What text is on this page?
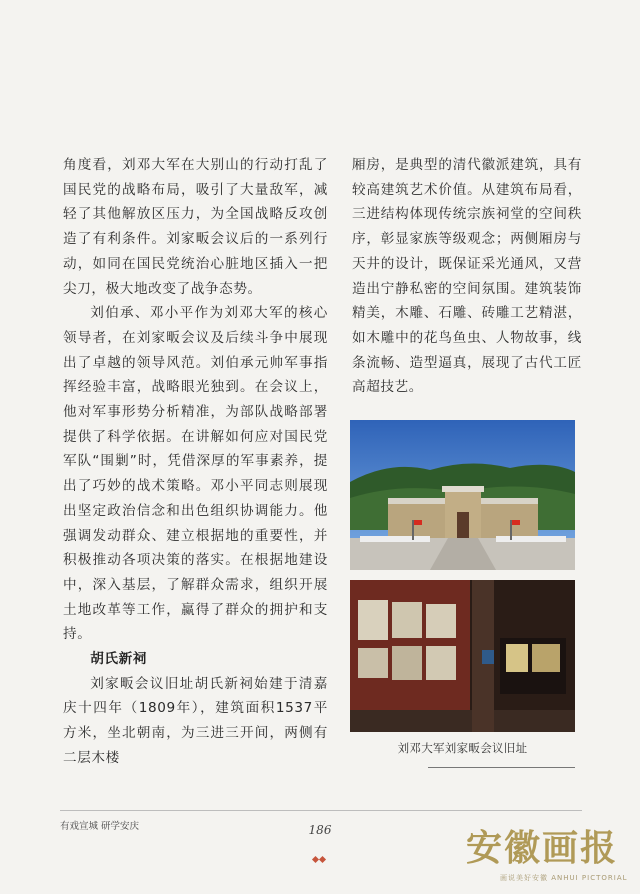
角度看，刘邓大军在大别山的行动打乱了国民党的战略布局，吸引了大量敌军，减轻了其他解放区压力，为全国战略反攻创造了有利条件。刘家畈会议后的一系列行动，如同在国民党统治心脏地区插入一把尖刀，极大地改变了战争态势。

刘伯承、邓小平作为刘邓大军的核心领导者，在刘家畈会议及后续斗争中展现出了卓越的领导风范。刘伯承元帅军事指挥经验丰富，战略眼光独到。在会议上，他对军事形势分析精准，为部队战略部署提供了科学依据。在讲解如何应对国民党军队“围剿”时，凭借深厚的军事素养，提出了巧妙的战术策略。邓小平同志则展现出坚定政治信念和出色组织协调能力。他强调发动群众、建立根据地的重要性，并积极推动各项决策的落实。在根据地建设中，深入基层，了解群众需求，组织开展土地改革等工作，赢得了群众的拥护和支持。

胡氏新祠

刘家畈会议旧址胡氏新祠始建于清嘉庆十四年（1809年），建筑面积1537平方米，坐北朝南，为三进三开间，两侧有二层木楼

厢房，是典型的清代徽派建筑，具有较高建筑艺术价值。从建筑布局看，三进结构体现传统宗族祠堂的空间秩序，彰显家族等级观念；两侧厢房与天井的设计，既保证采光通风，又营造出宁静私密的空间氛围。建筑装饰精美，木雕、石雕、砖雕工艺精湛，如木雕中的花鸟鱼虫、人物故事，线条流畅、造型逼真，展现了古代工匠高超技艺。

刘邓大军刘家畈会议旧址
有戏宣城 研学安庆	186	安徽画报
画说美好安徽 ANHUI PICTORIAL
